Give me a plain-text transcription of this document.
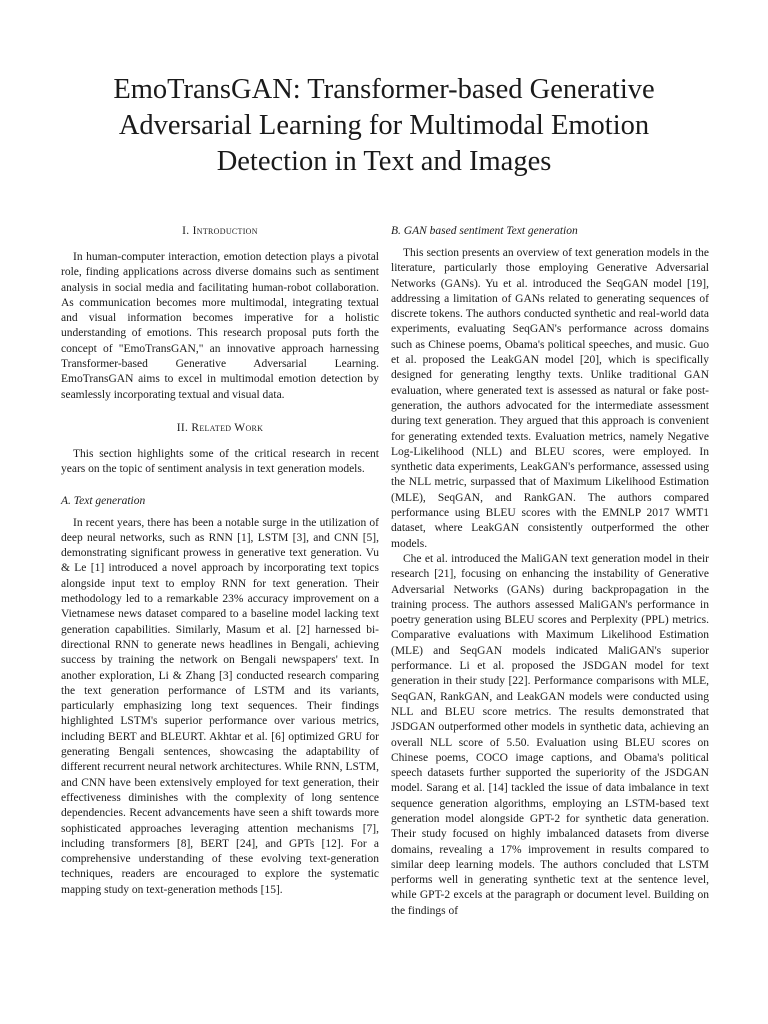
EmoTransGAN: Transformer-based Generative
Adversarial Learning for Multimodal Emotion
Detection in Text and Images
I. Introduction

In human-computer interaction, emotion detection plays a pivotal role, finding applications across diverse domains such as sentiment analysis in social media and facilitating human-robot collaboration. As communication becomes more multimodal, integrating textual and visual information becomes imperative for a holistic understanding of emotions. This research proposal puts forth the concept of "EmoTransGAN," an innovative approach harnessing Transformer-based Generative Adversarial Learning. EmoTransGAN aims to excel in multimodal emotion detection by seamlessly incorporating textual and visual data.

II. Related Work

This section highlights some of the critical research in recent years on the topic of sentiment analysis in text generation models.

A. Text generation

In recent years, there has been a notable surge in the utilization of deep neural networks, such as RNN [1], LSTM [3], and CNN [5], demonstrating significant prowess in generative text generation. Vu & Le [1] introduced a novel approach by incorporating text topics alongside input text to employ RNN for text generation. Their methodology led to a remarkable 23% accuracy improvement on a Vietnamese news dataset compared to a baseline model lacking text generation capabilities. Similarly, Masum et al. [2] harnessed bi-directional RNN to generate news headlines in Bengali, achieving success by training the network on Bengali newspapers' text. In another exploration, Li & Zhang [3] conducted research comparing the text generation performance of LSTM and its variants, particularly emphasizing long text sequences. Their findings highlighted LSTM's superior performance over various metrics, including BERT and BLEURT. Akhtar et al. [6] optimized GRU for generating Bengali sentences, showcasing the adaptability of different recurrent neural network architectures. While RNN, LSTM, and CNN have been extensively employed for text generation, their effectiveness diminishes with the complexity of long sentence dependencies. Recent advancements have seen a shift towards more sophisticated approaches leveraging attention mechanisms [7], including transformers [8], BERT [24], and GPTs [12]. For a comprehensive understanding of these evolving text-generation techniques, readers are encouraged to explore the systematic mapping study on text-generation methods [15].

B. GAN based sentiment Text generation

This section presents an overview of text generation models in the literature, particularly those employing Generative Adversarial Networks (GANs). Yu et al. introduced the SeqGAN model [19], addressing a limitation of GANs related to generating sequences of discrete tokens. The authors conducted synthetic and real-world data experiments, evaluating SeqGAN's performance across domains such as Chinese poems, Obama's political speeches, and music. Guo et al. proposed the LeakGAN model [20], which is specifically designed for generating lengthy texts. Unlike traditional GAN evaluation, where generated text is assessed as natural or fake post-generation, the authors advocated for the intermediate assessment during text generation. They argued that this approach is convenient for generating extended texts. Evaluation metrics, namely Negative Log-Likelihood (NLL) and BLEU scores, were employed. In synthetic data experiments, LeakGAN's performance, assessed using the NLL metric, surpassed that of Maximum Likelihood Estimation (MLE), SeqGAN, and RankGAN. The authors compared performance using BLEU scores with the EMNLP 2017 WMT1 dataset, where LeakGAN consistently outperformed the other models.

Che et al. introduced the MaliGAN text generation model in their research [21], focusing on enhancing the instability of Generative Adversarial Networks (GANs) during backpropagation in the training process. The authors assessed MaliGAN's performance in poetry generation using BLEU scores and Perplexity (PPL) metrics. Comparative evaluations with Maximum Likelihood Estimation (MLE) and SeqGAN models indicated MaliGAN's superior performance. Li et al. proposed the JSDGAN model for text generation in their study [22]. Performance comparisons with MLE, SeqGAN, RankGAN, and LeakGAN models were conducted using NLL and BLEU score metrics. The results demonstrated that JSDGAN outperformed other models in synthetic data, achieving an overall NLL score of 5.50. Evaluation using BLEU scores on Chinese poems, COCO image captions, and Obama's political speech datasets further supported the superiority of the JSDGAN model. Sarang et al. [14] tackled the issue of data imbalance in text sequence generation algorithms, employing an LSTM-based text generation model alongside GPT-2 for synthetic data generation. Their study focused on highly imbalanced datasets from diverse domains, revealing a 17% improvement in results compared to similar deep learning models. The authors concluded that LSTM performs well in generating synthetic text at the sentence level, while GPT-2 excels at the paragraph or document level. Building on the findings of
